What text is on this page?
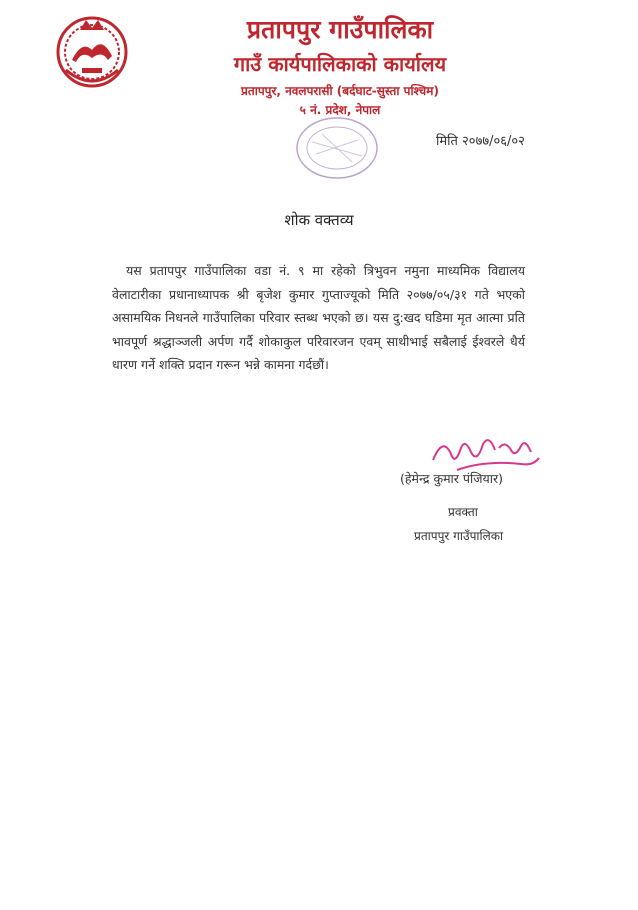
प्रतापपुर गाउँपालिका
गाउँ कार्यपालिकाको कार्यालय
प्रतापपुर, नवलपरासी (बर्दघाट-सुस्ता पश्चिम)
५ नं. प्रदेश, नेपाल
मिति २०७७/०६/०२
शोक वक्तव्य
यस प्रतापपुर गाउँपालिका वडा नं. ९ मा रहेको त्रिभुवन नमुना माध्यमिक विद्यालय वेलाटारीका प्रधानाध्यापक श्री बृजेश कुमार गुप्ताज्यूको मिति २०७७/०५/३१ गते भएको असामयिक निधनले गाउँपालिका परिवार स्तब्ध भएको छ। यस दु:खद घडिमा मृत आत्मा प्रति भावपूर्ण श्रद्धाञ्जली अर्पण गर्दै शोकाकुल परिवारजन एवम् साथीभाई सबैलाई ईश्वरले धैर्य धारण गर्ने शक्ति प्रदान गरून भन्ने कामना गर्दछौं।
(हेमेन्द्र कुमार पंजियार)
प्रवक्ता
प्रतापपुर गाउँपालिका
